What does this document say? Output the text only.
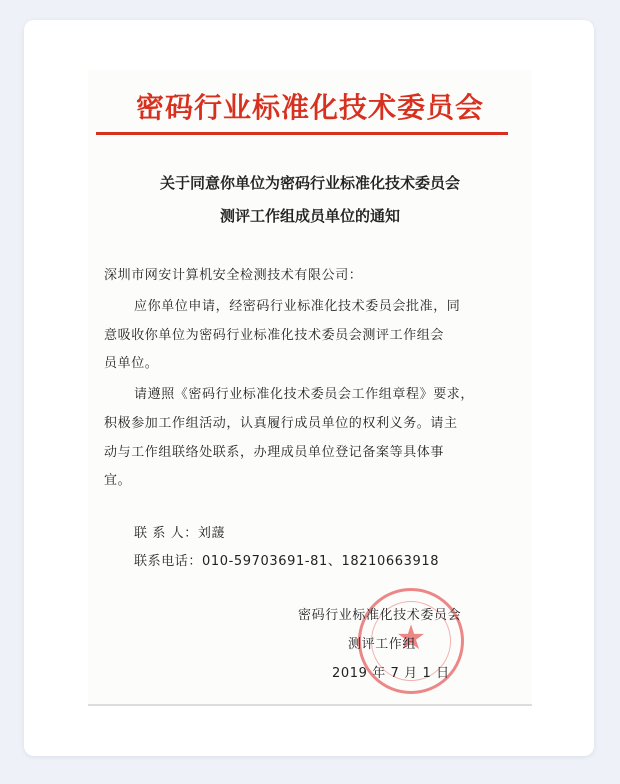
密码行业标准化技术委员会
关于同意你单位为密码行业标准化技术委员会
测评工作组成员单位的通知
深圳市网安计算机安全检测技术有限公司：
应你单位申请，经密码行业标准化技术委员会批准，同
意吸收你单位为密码行业标准化技术委员会测评工作组会
员单位。
请遵照《密码行业标准化技术委员会工作组章程》要求，
积极参加工作组活动，认真履行成员单位的权利义务。请主
动与工作组联络处联系，办理成员单位登记备案等具体事
宜。
联 系 人：刘蘐
联系电话：010-59703691-81、18210663918
★
密码行业标准化技术委员会
测评工作组
2019 年 7 月 1 日
